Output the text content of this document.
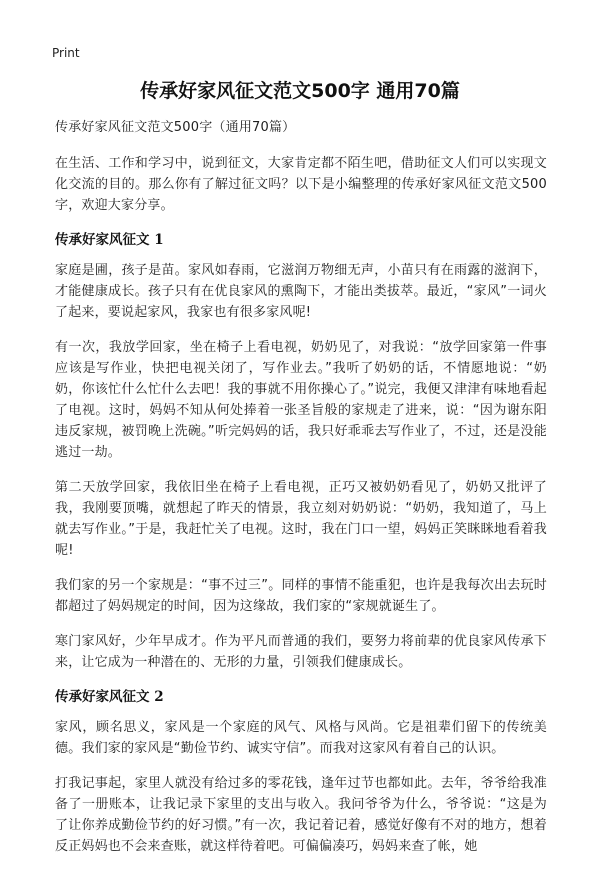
Print
传承好家风征文范文500字 通用70篇

传承好家风征文范文500字（通用70篇）

在生活、工作和学习中，说到征文，大家肯定都不陌生吧，借助征文人们可以实现文化交流的目的。那么你有了解过征文吗？以下是小编整理的传承好家风征文范文500字，欢迎大家分享。

传承好家风征文 1

家庭是圃，孩子是苗。家风如春雨，它滋润万物细无声，小苗只有在雨露的滋润下，才能健康成长。孩子只有在优良家风的熏陶下，才能出类拔萃。最近，“家风”一词火了起来，要说起家风，我家也有很多家风呢!

有一次，我放学回家，坐在椅子上看电视，奶奶见了，对我说：“放学回家第一件事应该是写作业，快把电视关闭了，写作业去。”我听了奶奶的话，不情愿地说：“奶奶，你该忙什么忙什么去吧！我的事就不用你操心了。”说完，我便又津津有味地看起了电视。这时，妈妈不知从何处捧着一张圣旨般的家规走了进来，说：“因为谢东阳违反家规，被罚晚上洗碗。”听完妈妈的话，我只好乖乖去写作业了，不过，还是没能逃过一劫。

第二天放学回家，我依旧坐在椅子上看电视，正巧又被奶奶看见了，奶奶又批评了我，我刚要顶嘴，就想起了昨天的情景，我立刻对奶奶说：“奶奶，我知道了，马上就去写作业。”于是，我赶忙关了电视。这时，我在门口一望，妈妈正笑眯眯地看着我呢!

我们家的另一个家规是：“事不过三”。同样的事情不能重犯，也许是我每次出去玩时都超过了妈妈规定的时间，因为这缘故，我们家的“家规就诞生了。

寒门家风好，少年早成才。作为平凡而普通的我们，要努力将前辈的优良家风传承下来，让它成为一种潜在的、无形的力量，引领我们健康成长。

传承好家风征文 2

家风，顾名思义，家风是一个家庭的风气、风格与风尚。它是祖辈们留下的传统美德。我们家的家风是“勤俭节约、诚实守信”。而我对这家风有着自己的认识。

打我记事起，家里人就没有给过多的零花钱，逢年过节也都如此。去年，爷爷给我准备了一册账本，让我记录下家里的支出与收入。我问爷爷为什么，爷爷说：“这是为了让你养成勤俭节约的好习惯。”有一次，我记着记着，感觉好像有不对的地方，想着反正妈妈也不会来查账，就这样待着吧。可偏偏凑巧，妈妈来查了帐，她
